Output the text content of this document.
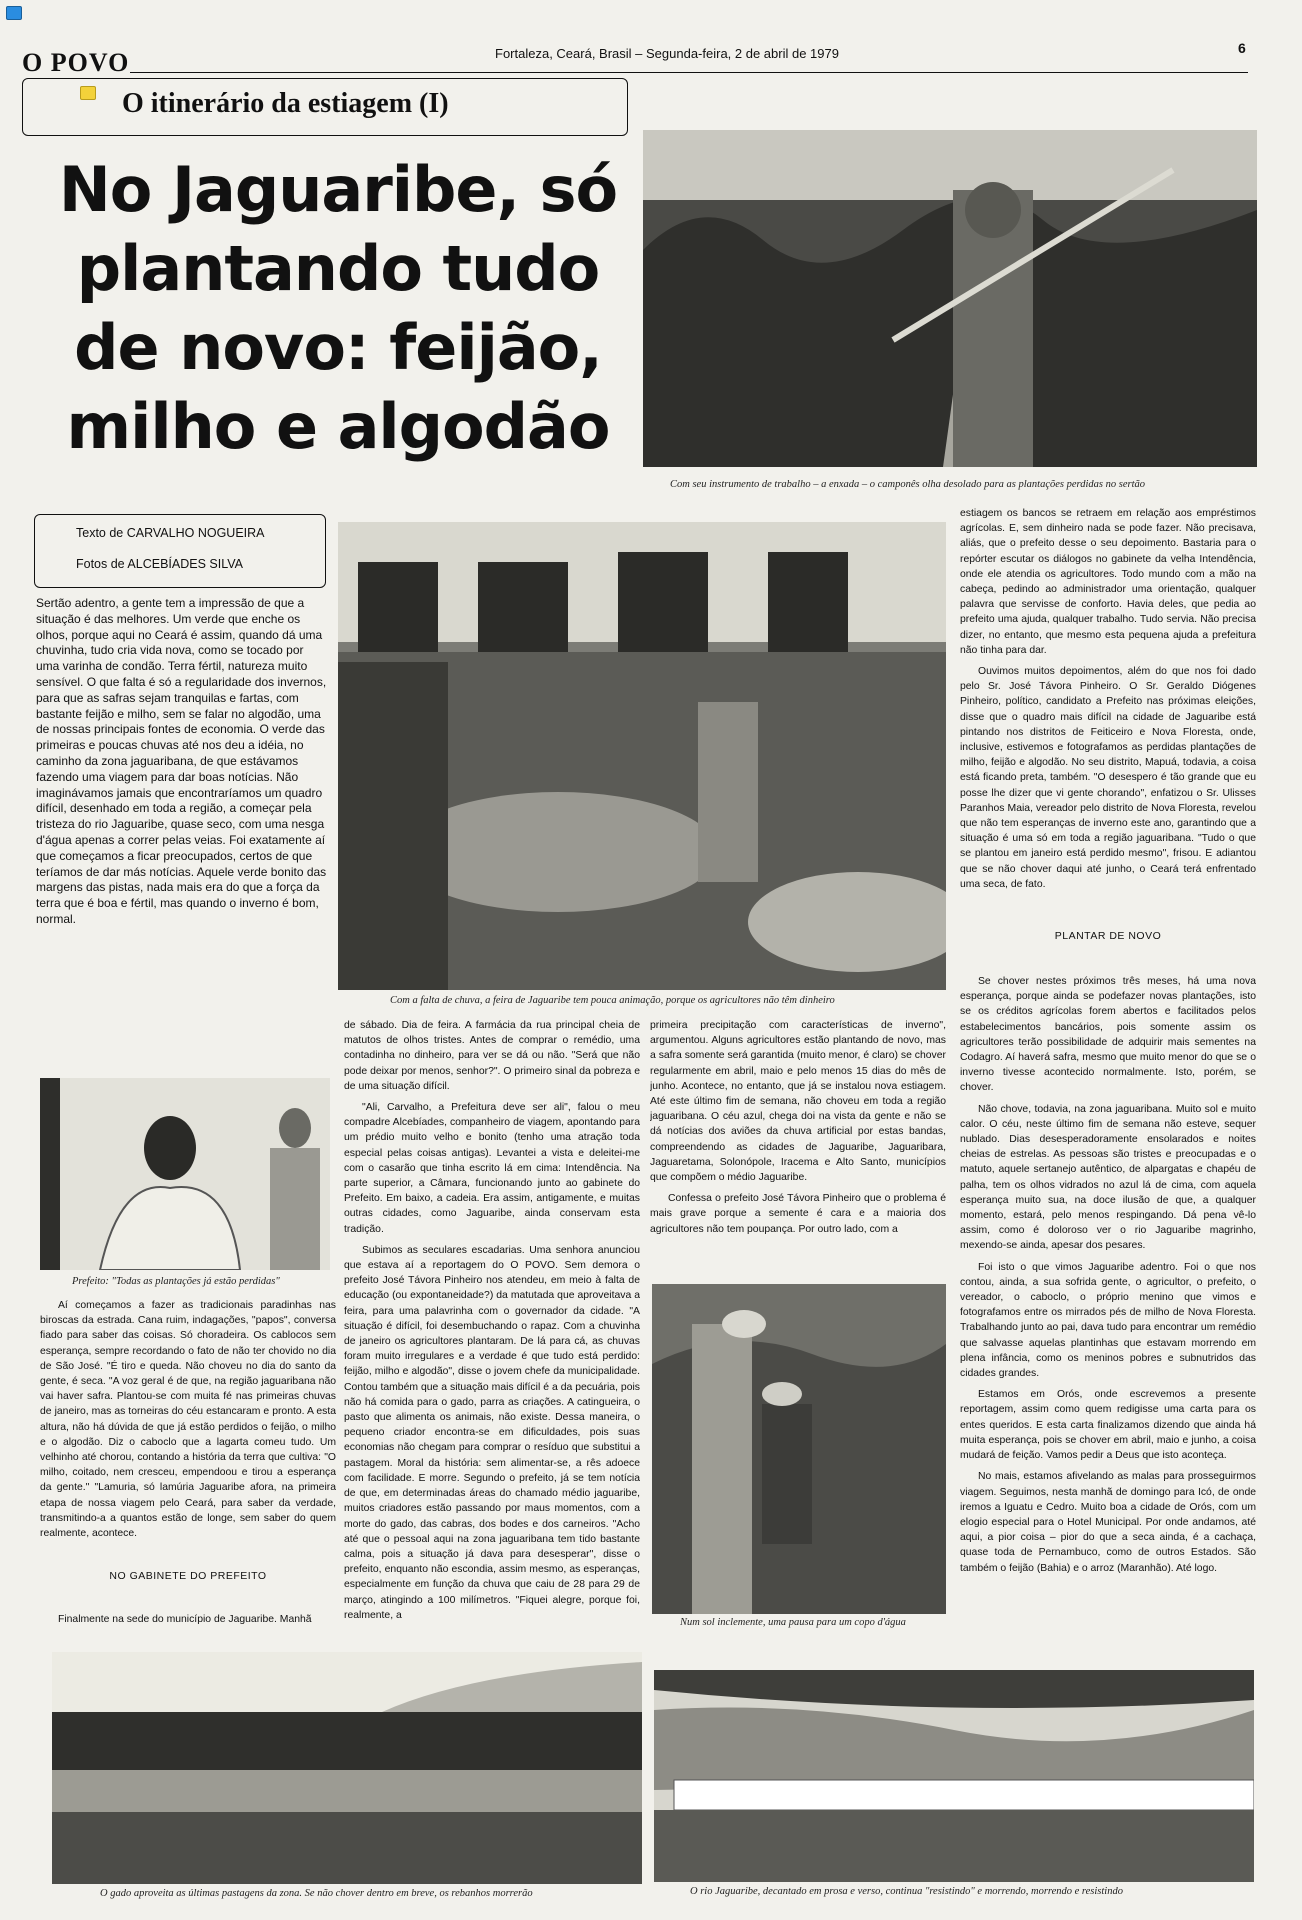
O POVO	Fortaleza, Ceará, Brasil – Segunda-feira, 2 de abril de 1979	6
O itinerário da estiagem (I)
No Jaguaribe, só
plantando tudo
de novo: feijão,
milho e algodão
Com seu instrumento de trabalho – a enxada – o camponês olha desolado para as plantações perdidas no sertão
Texto de CARVALHO NOGUEIRA
Fotos de ALCEBÍADES SILVA
Sertão adentro, a gente tem a impressão de que a situação é das melhores. Um verde que enche os olhos, porque aqui no Ceará é assim, quando dá uma chuvinha, tudo cria vida nova, como se tocado por uma varinha de condão. Terra fértil, natureza muito sensível. O que falta é só a regularidade dos invernos, para que as safras sejam tranquilas e fartas, com bastante feijão e milho, sem se falar no algodão, uma de nossas principais fontes de economia. O verde das primeiras e poucas chuvas até nos deu a idéia, no caminho da zona jaguaribana, de que estávamos fazendo uma viagem para dar boas notícias. Não imaginávamos jamais que encontraríamos um quadro difícil, desenhado em toda a região, a começar pela tristeza do rio Jaguaribe, quase seco, com uma nesga d'água apenas a correr pelas veias. Foi exatamente aí que começamos a ficar preocupados, certos de que teríamos de dar más notícias. Aquele verde bonito das margens das pistas, nada mais era do que a força da terra que é boa e fértil, mas quando o inverno é bom, normal.
Com a falta de chuva, a feira de Jaguaribe tem pouca animação, porque os agricultores não têm dinheiro

estiagem os bancos se retraem em relação aos empréstimos agrícolas. E, sem dinheiro nada se pode fazer. Não precisava, aliás, que o prefeito desse o seu depoimento. Bastaria para o repórter escutar os diálogos no gabinete da velha Intendência, onde ele atendia os agricultores. Todo mundo com a mão na cabeça, pedindo ao administrador uma orientação, qualquer palavra que servisse de conforto. Havia deles, que pedia ao prefeito uma ajuda, qualquer trabalho. Tudo servia. Não precisa dizer, no entanto, que mesmo esta pequena ajuda a prefeitura não tinha para dar.

Ouvimos muitos depoimentos, além do que nos foi dado pelo Sr. José Távora Pinheiro. O Sr. Geraldo Diógenes Pinheiro, político, candidato a Prefeito nas próximas eleições, disse que o quadro mais difícil na cidade de Jaguaribe está pintando nos distritos de Feiticeiro e Nova Floresta, onde, inclusive, estivemos e fotografamos as perdidas plantações de milho, feijão e algodão. No seu distrito, Mapuá, todavia, a coisa está ficando preta, também. "O desespero é tão grande que eu posse lhe dizer que vi gente chorando", enfatizou o Sr. Ulisses Paranhos Maia, vereador pelo distrito de Nova Floresta, revelou que não tem esperanças de inverno este ano, garantindo que a situação é uma só em toda a região jaguaribana. "Tudo o que se plantou em janeiro está perdido mesmo", frisou. E adiantou que se não chover daqui até junho, o Ceará terá enfrentado uma seca, de fato.

PLANTAR DE NOVO

Se chover nestes próximos três meses, há uma nova esperança, porque ainda se podefazer novas plantações, isto se os créditos agrícolas forem abertos e facilitados pelos estabelecimentos bancários, pois somente assim os agricultores terão possibilidade de adquirir mais sementes na Codagro. Aí haverá safra, mesmo que muito menor do que se o inverno tivesse acontecido normalmente. Isto, porém, se chover.

Não chove, todavia, na zona jaguaribana. Muito sol e muito calor. O céu, neste último fim de semana não esteve, sequer nublado. Dias desesperadoramente ensolarados e noites cheias de estrelas. As pessoas são tristes e preocupadas e o matuto, aquele sertanejo autêntico, de alpargatas e chapéu de palha, tem os olhos vidrados no azul lá de cima, com aquela esperança muito sua, na doce ilusão de que, a qualquer momento, estará, pelo menos respingando. Dá pena vê-lo assim, como é doloroso ver o rio Jaguaribe magrinho, mexendo-se ainda, apesar dos pesares.

Foi isto o que vimos Jaguaribe adentro. Foi o que nos contou, ainda, a sua sofrida gente, o agricultor, o prefeito, o vereador, o caboclo, o próprio menino que vimos e fotografamos entre os mirrados pés de milho de Nova Floresta. Trabalhando junto ao pai, dava tudo para encontrar um remédio que salvasse aquelas plantinhas que estavam morrendo em plena infância, como os meninos pobres e subnutridos das cidades grandes.

Estamos em Orós, onde escrevemos a presente reportagem, assim como quem redigisse uma carta para os entes queridos. E esta carta finalizamos dizendo que ainda há muita esperança, pois se chover em abril, maio e junho, a coisa mudará de feição. Vamos pedir a Deus que isto aconteça.

No mais, estamos afivelando as malas para prosseguirmos viagem. Seguimos, nesta manhã de domingo para Icó, de onde iremos a Iguatu e Cedro. Muito boa a cidade de Orós, com um elogio especial para o Hotel Municipal. Por onde andamos, até aqui, a pior coisa – pior do que a seca ainda, é a cachaça, quase toda de Pernambuco, como de outros Estados. São também o feijão (Bahia) e o arroz (Maranhão). Até logo.

Prefeito: "Todas as plantações já estão perdidas"

Aí começamos a fazer as tradicionais paradinhas nas biroscas da estrada. Cana ruim, indagações, "papos", conversa fiado para saber das coisas. Só choradeira. Os cablocos sem esperança, sempre recordando o fato de não ter chovido no dia de São José. "É tiro e queda. Não choveu no dia do santo da gente, é seca. "A voz geral é de que, na região jaguaribana não vai haver safra. Plantou-se com muita fé nas primeiras chuvas de janeiro, mas as torneiras do céu estancaram e pronto. A esta altura, não há dúvida de que já estão perdidos o feijão, o milho e o algodão. Diz o caboclo que a lagarta comeu tudo. Um velhinho até chorou, contando a história da terra que cultiva: "O milho, coitado, nem cresceu, empendoou e tirou a esperança da gente." "Lamuria, só lamúria Jaguaribe afora, na primeira etapa de nossa viagem pelo Ceará, para saber da verdade, transmitindo-a a quantos estão de longe, sem saber do quem realmente, acontece.

NO GABINETE DO PREFEITO

Finalmente na sede do município de Jaguaribe. Manhã

de sábado. Dia de feira. A farmácia da rua principal cheia de matutos de olhos tristes. Antes de comprar o remédio, uma contadinha no dinheiro, para ver se dá ou não. "Será que não pode deixar por menos, senhor?". O primeiro sinal da pobreza e de uma situação difícil.

"Ali, Carvalho, a Prefeitura deve ser ali", falou o meu compadre Alcebíades, companheiro de viagem, apontando para um prédio muito velho e bonito (tenho uma atração toda especial pelas coisas antigas). Levantei a vista e deleitei-me com o casarão que tinha escrito lá em cima: Intendência. Na parte superior, a Câmara, funcionando junto ao gabinete do Prefeito. Em baixo, a cadeia. Era assim, antigamente, e muitas outras cidades, como Jaguaribe, ainda conservam esta tradição.

Subimos as seculares escadarias. Uma senhora anunciou que estava aí a reportagem do O POVO. Sem demora o prefeito José Távora Pinheiro nos atendeu, em meio à falta de educação (ou expontaneidade?) da matutada que aproveitava a feira, para uma palavrinha com o governador da cidade. "A situação é difícil, foi desembuchando o rapaz. Com a chuvinha de janeiro os agricultores plantaram. De lá para cá, as chuvas foram muito irregulares e a verdade é que tudo está perdido: feijão, milho e algodão", disse o jovem chefe da municipalidade. Contou também que a situação mais difícil é a da pecuária, pois não há comida para o gado, parra as criações. A catingueira, o pasto que alimenta os animais, não existe. Dessa maneira, o pequeno criador encontra-se em dificuldades, pois suas economias não chegam para comprar o resíduo que substitui a pastagem. Moral da história: sem alimentar-se, a rês adoece com facilidade. E morre. Segundo o prefeito, já se tem notícia de que, em determinadas áreas do chamado médio jaguaribe, muitos criadores estão passando por maus momentos, com a morte do gado, das cabras, dos bodes e dos carneiros. "Acho até que o pessoal aqui na zona jaguaribana tem tido bastante calma, pois a situação já dava para desesperar", disse o prefeito, enquanto não escondia, assim mesmo, as esperanças, especialmente em função da chuva que caiu de 28 para 29 de março, atingindo a 100 milímetros. "Fiquei alegre, porque foi, realmente, a

primeira precipitação com características de inverno", argumentou. Alguns agricultores estão plantando de novo, mas a safra somente será garantida (muito menor, é claro) se chover regularmente em abril, maio e pelo menos 15 dias do mês de junho. Acontece, no entanto, que já se instalou nova estiagem. Até este último fim de semana, não choveu em toda a região jaguaribana. O céu azul, chega doi na vista da gente e não se dá notícias dos aviões da chuva artificial por estas bandas, compreendendo as cidades de Jaguaribe, Jaguaribara, Jaguaretama, Solonópole, Iracema e Alto Santo, municípios que compõem o médio Jaguaribe.

Confessa o prefeito José Távora Pinheiro que o problema é mais grave porque a semente é cara e a maioria dos agricultores não tem poupança. Por outro lado, com a

Num sol inclemente, uma pausa para um copo d'água
O gado aproveita as últimas pastagens da zona. Se não chover dentro em breve, os rebanhos morrerão	O rio Jaguaribe, decantado em prosa e verso, continua "resistindo" e morrendo, morrendo e resistindo
